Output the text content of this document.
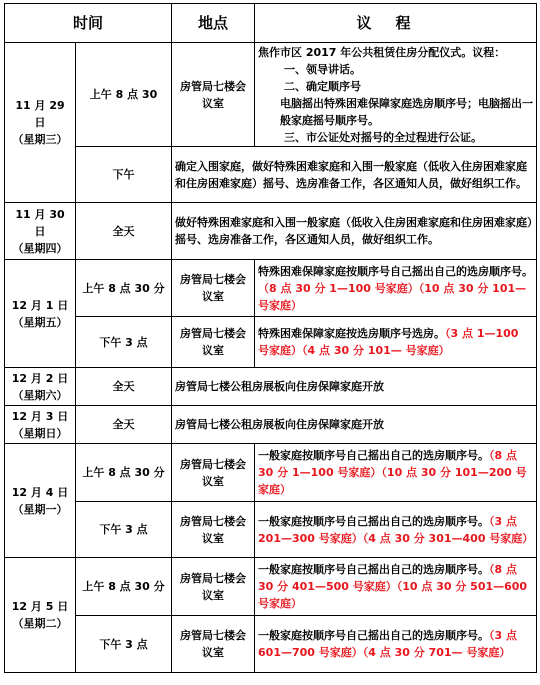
时间		地点	议程

11 月 29 日
（星期三）	上午 8 点 30	房管局七楼会议室	焦作市区 2017 年公共租赁住房分配仪式。议程：
一、领导讲话。
二、确定顺序号
电脑摇出特殊困难保障家庭选房顺序号；电脑摇出一般家庭摇号顺序号。
三、市公证处对摇号的全过程进行公证。

	下午	确定入围家庭，做好特殊困难家庭和入围一般家庭（低收入住房困难家庭和住房困难家庭）摇号、选房准备工作，各区通知人员，做好组织工作。	

11 月 30 日
（星期四）	全天	做好特殊困难家庭和入围一般家庭（低收入住房困难家庭和住房困难家庭）摇号、选房准备工作，各区通知人员，做好组织工作。	

12 月 1 日
（星期五）	上午 8 点 30 分	房管局七楼会议室	特殊困难保障家庭按顺序号自己摇出自己的选房顺序号。（8 点 30 分 1—100 号家庭）（10 点 30 分 101— 号家庭）
	下午 3 点	房管局七楼会议室	特殊困难保障家庭按选房顺序号选房。（3 点 1—100 号家庭）（4 点 30 分 101— 号家庭）

12 月 2 日
（星期六）	全天	房管局七楼公租房展板向住房保障家庭开放	

12 月 3 日
（星期日）	全天	房管局七楼公租房展板向住房保障家庭开放	

12 月 4 日
（星期一）	上午 8 点 30 分	房管局七楼会议室	一般家庭按顺序号自己摇出自己的选房顺序号。（8 点 30 分 1—100 号家庭）（10 点 30 分 101—200 号家庭）
	下午 3 点	房管局七楼会议室	一般家庭按顺序号自己摇出自己的选房顺序号。（3 点 201—300 号家庭）（4 点 30 分 301—400 号家庭）

12 月 5 日
（星期二）	上午 8 点 30 分	房管局七楼会议室	一般家庭按顺序号自己摇出自己的选房顺序号。（8 点 30 分 401—500 号家庭）（10 点 30 分 501—600 号家庭）
	下午 3 点	房管局七楼会议室	一般家庭按顺序号自己摇出自己的选房顺序号。（3 点 601—700 号家庭）（4 点 30 分 701— 号家庭）
